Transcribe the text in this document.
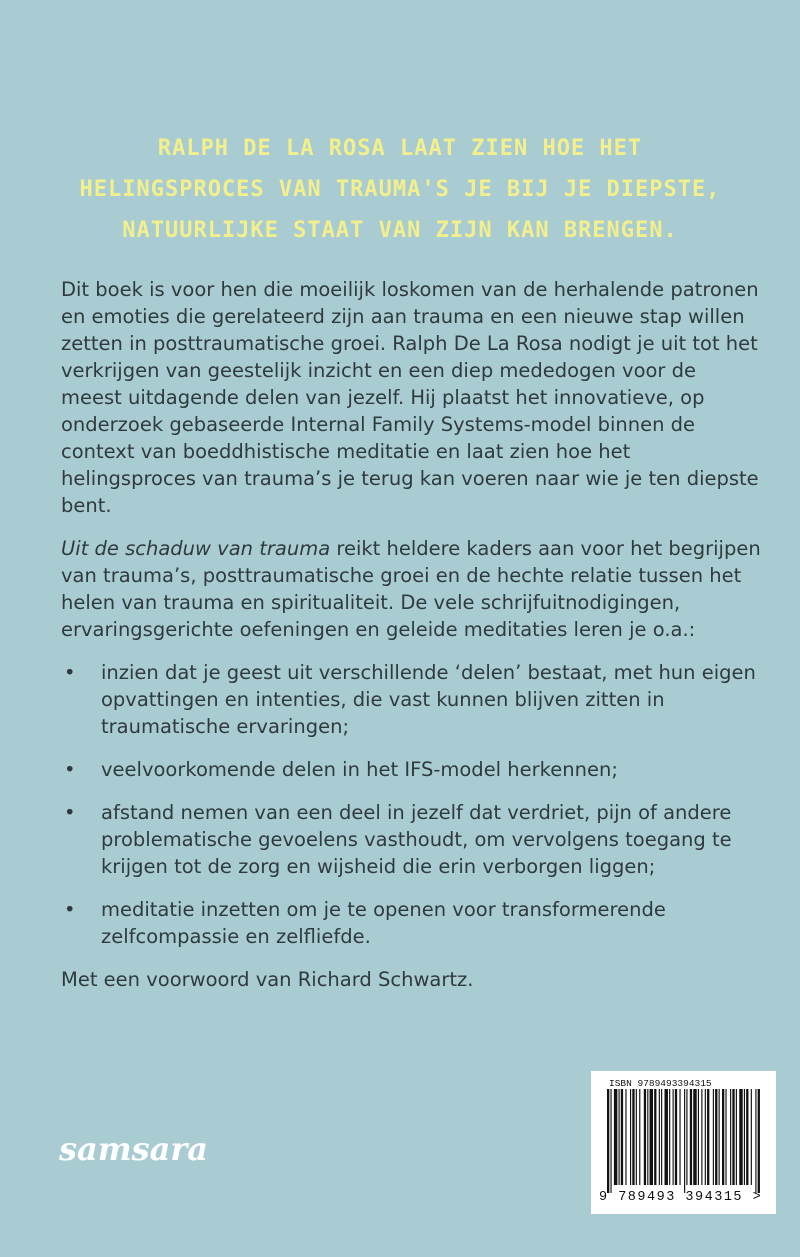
RALPH DE LA ROSA LAAT ZIEN HOE HET
HELINGSPROCES VAN TRAUMA'S JE BIJ JE DIEPSTE,
NATUURLIJKE STAAT VAN ZIJN KAN BRENGEN.

Dit boek is voor hen die moeilijk loskomen van de herhalende patronen en emoties die gerelateerd zijn aan trauma en een nieuwe stap willen zetten in posttraumatische groei. Ralph De La Rosa nodigt je uit tot het verkrijgen van geestelijk inzicht en een diep mededogen voor de meest uitdagende delen van jezelf. Hij plaatst het innovatieve, op onderzoek gebaseerde Internal Family Systems-model binnen de context van boeddhistische meditatie en laat zien hoe het helingsproces van trauma’s je terug kan voeren naar wie je ten diepste bent.

Uit de schaduw van trauma reikt heldere kaders aan voor het begrijpen van trauma’s, posttraumatische groei en de hechte relatie tussen het helen van trauma en spiritualiteit. De vele schrijfuitnodigingen, ervaringsgerichte oefeningen en geleide meditaties leren je o.a.:

• inzien dat je geest uit verschillende ‘delen’ bestaat, met hun eigen opvattingen en intenties, die vast kunnen blijven zitten in traumatische ervaringen;
• veelvoorkomende delen in het IFS-model herkennen;
• afstand nemen van een deel in jezelf dat verdriet, pijn of andere problematische gevoelens vasthoudt, om vervolgens toegang te krijgen tot de zorg en wijsheid die erin verborgen liggen;
• meditatie inzetten om je te openen voor transformerende zelfcompassie en zelfliefde.

Met een voorwoord van Richard Schwartz.

samsara
ISBN 9789493394315
9 789493 394315 >
